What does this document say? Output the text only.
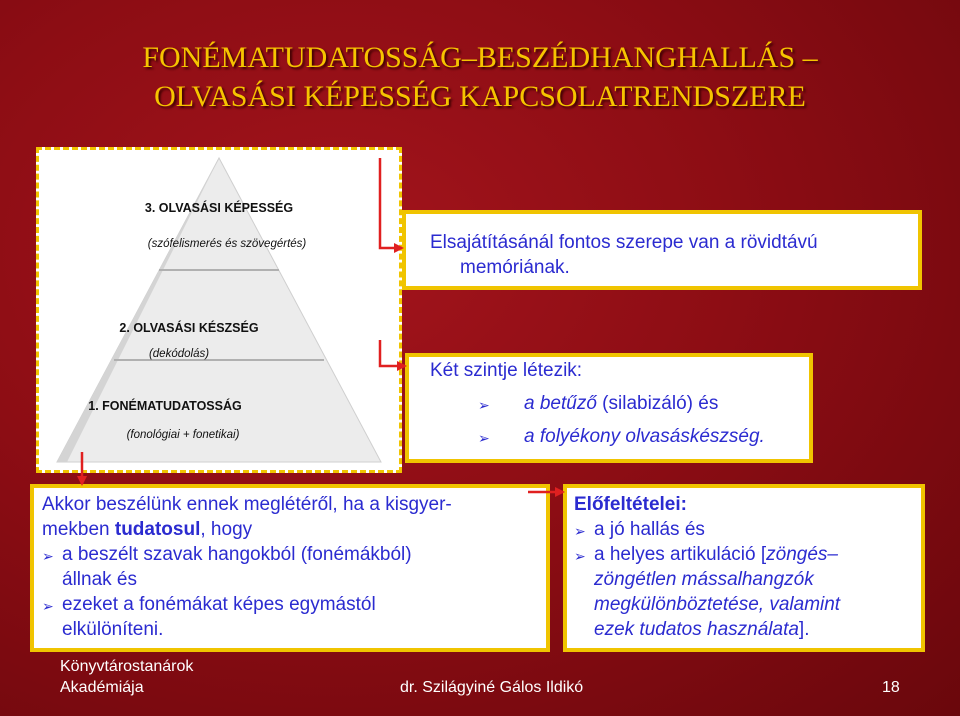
FONÉMATUDATOSSÁG–BESZÉDHANGHALLÁS –
OLVASÁSI KÉPESSÉG KAPCSOLATRENDSZERE
3. OLVASÁSI KÉPESSÉG
(szófelismerés és szövegértés)
2. OLVASÁSI KÉSZSÉG
(dekódolás)
1. FONÉMATUDATOSSÁG
(fonológiai + fonetikai)
Elsajátításánál fontos szerepe van a rövidtávú
memóriának.
Két szintje létezik:
➢	a betűző (silabizáló) és
➢	a folyékony olvasáskészség.
Akkor beszélünk ennek meglétéről, ha a kisgyer-
mekben tudatosul, hogy
➢ a beszélt szavak hangokból (fonémákból)
állnak és
➢ ezeket a fonémákat képes egymástól
elkülöníteni.
Előfeltételei:
➢ a jó hallás és
➢ a helyes artikuláció [zöngés–
zöngétlen mássalhangzók
megkülönböztetése, valamint
ezek tudatos használata].
Könyvtárostanárok
Akadémiája	dr. Szilágyiné Gálos Ildikó	18
